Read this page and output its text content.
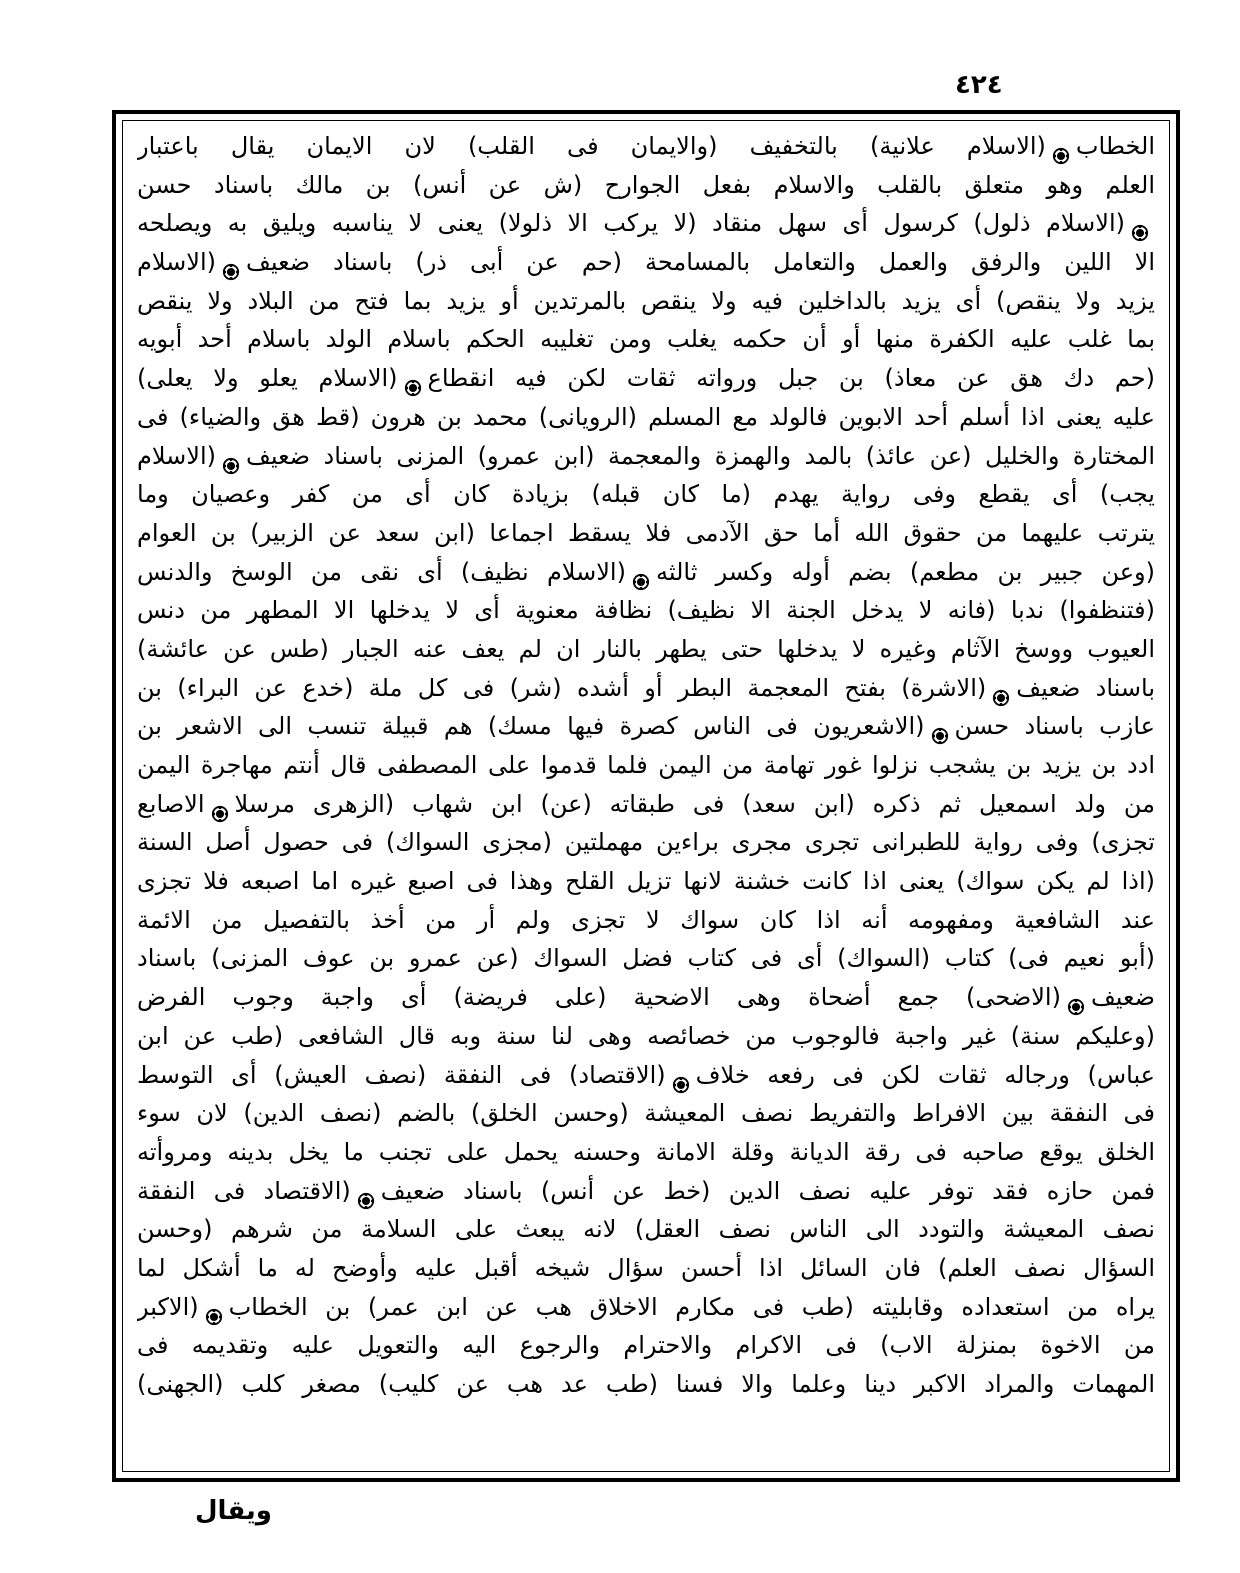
٤٢٤
الخطاب(الاسلام علانية) بالتخفيف (والايمان فى القلب) لان الايمان يقال باعتبار
العلم وهو متعلق بالقلب والاسلام بفعل الجوارح (ش عن أنس) بن مالك باسناد حسن
(الاسلام ذلول) كرسول أى سهل منقاد (لا يركب الا ذلولا) يعنى لا يناسبه ويليق به ويصلحه
الا اللين والرفق والعمل والتعامل بالمسامحة (حم عن أبى ذر) باسناد ضعيف(الاسلام
يزيد ولا ينقص) أى يزيد بالداخلين فيه ولا ينقص بالمرتدين أو يزيد بما فتح من البلاد ولا ينقص
بما غلب عليه الكفرة منها أو أن حكمه يغلب ومن تغليبه الحكم باسلام الولد باسلام أحد أبويه
(حم دك هق عن معاذ) بن جبل ورواته ثقات لكن فيه انقطاع(الاسلام يعلو ولا يعلى)
عليه يعنى اذا أسلم أحد الابوين فالولد مع المسلم (الرويانى) محمد بن هرون (قط هق والضياء) فى
المختارة والخليل (عن عائذ) بالمد والهمزة والمعجمة (ابن عمرو) المزنى باسناد ضعيف(الاسلام
يجب) أى يقطع وفى رواية يهدم (ما كان قبله) بزيادة كان أى من كفر وعصيان وما
يترتب عليهما من حقوق الله أما حق الآدمى فلا يسقط اجماعا (ابن سعد عن الزبير) بن العوام
(وعن جبير بن مطعم) بضم أوله وكسر ثالثه(الاسلام نظيف) أى نقى من الوسخ والدنس
(فتنظفوا) ندبا (فانه لا يدخل الجنة الا نظيف) نظافة معنوية أى لا يدخلها الا المطهر من دنس
العيوب ووسخ الآثام وغيره لا يدخلها حتى يطهر بالنار ان لم يعف عنه الجبار (طس عن عائشة)
باسناد ضعيف(الاشرة) بفتح المعجمة البطر أو أشده (شر) فى كل ملة (خدع عن البراء) بن
عازب باسناد حسن(الاشعريون فى الناس كصرة فيها مسك) هم قبيلة تنسب الى الاشعر بن
ادد بن يزيد بن يشجب نزلوا غور تهامة من اليمن فلما قدموا على المصطفى قال أنتم مهاجرة اليمن
من ولد اسمعيل ثم ذكره (ابن سعد) فى طبقاته (عن) ابن شهاب (الزهرى مرسلاالاصابع
تجزى) وفى رواية للطبرانى تجرى مجرى براءين مهملتين (مجزى السواك) فى حصول أصل السنة
(اذا لم يكن سواك) يعنى اذا كانت خشنة لانها تزيل القلح وهذا فى اصبع غيره اما اصبعه فلا تجزى
عند الشافعية ومفهومه أنه اذا كان سواك لا تجزى ولم أر من أخذ بالتفصيل من الائمة
(أبو نعيم فى) كتاب (السواك) أى فى كتاب فضل السواك (عن عمرو بن عوف المزنى) باسناد
ضعيف(الاضحى) جمع أضحاة وهى الاضحية (على فريضة) أى واجبة وجوب الفرض
(وعليكم سنة) غير واجبة فالوجوب من خصائصه وهى لنا سنة وبه قال الشافعى (طب عن ابن
عباس) ورجاله ثقات لكن فى رفعه خلاف(الاقتصاد) فى النفقة (نصف العيش) أى التوسط
فى النفقة بين الافراط والتفريط نصف المعيشة (وحسن الخلق) بالضم (نصف الدين) لان سوء
الخلق يوقع صاحبه فى رقة الديانة وقلة الامانة وحسنه يحمل على تجنب ما يخل بدينه ومروأته
فمن حازه فقد توفر عليه نصف الدين (خط عن أنس) باسناد ضعيف(الاقتصاد فى النفقة
نصف المعيشة والتودد الى الناس نصف العقل) لانه يبعث على السلامة من شرهم (وحسن
السؤال نصف العلم) فان السائل اذا أحسن سؤال شيخه أقبل عليه وأوضح له ما أشكل لما
يراه من استعداده وقابليته (طب فى مكارم الاخلاق هب عن ابن عمر) بن الخطاب(الاكبر
من الاخوة بمنزلة الاب) فى الاكرام والاحترام والرجوع اليه والتعويل عليه وتقديمه فى
المهمات والمراد الاكبر دينا وعلما والا فسنا (طب عد هب عن كليب) مصغر كلب (الجهنى)
ويقال
